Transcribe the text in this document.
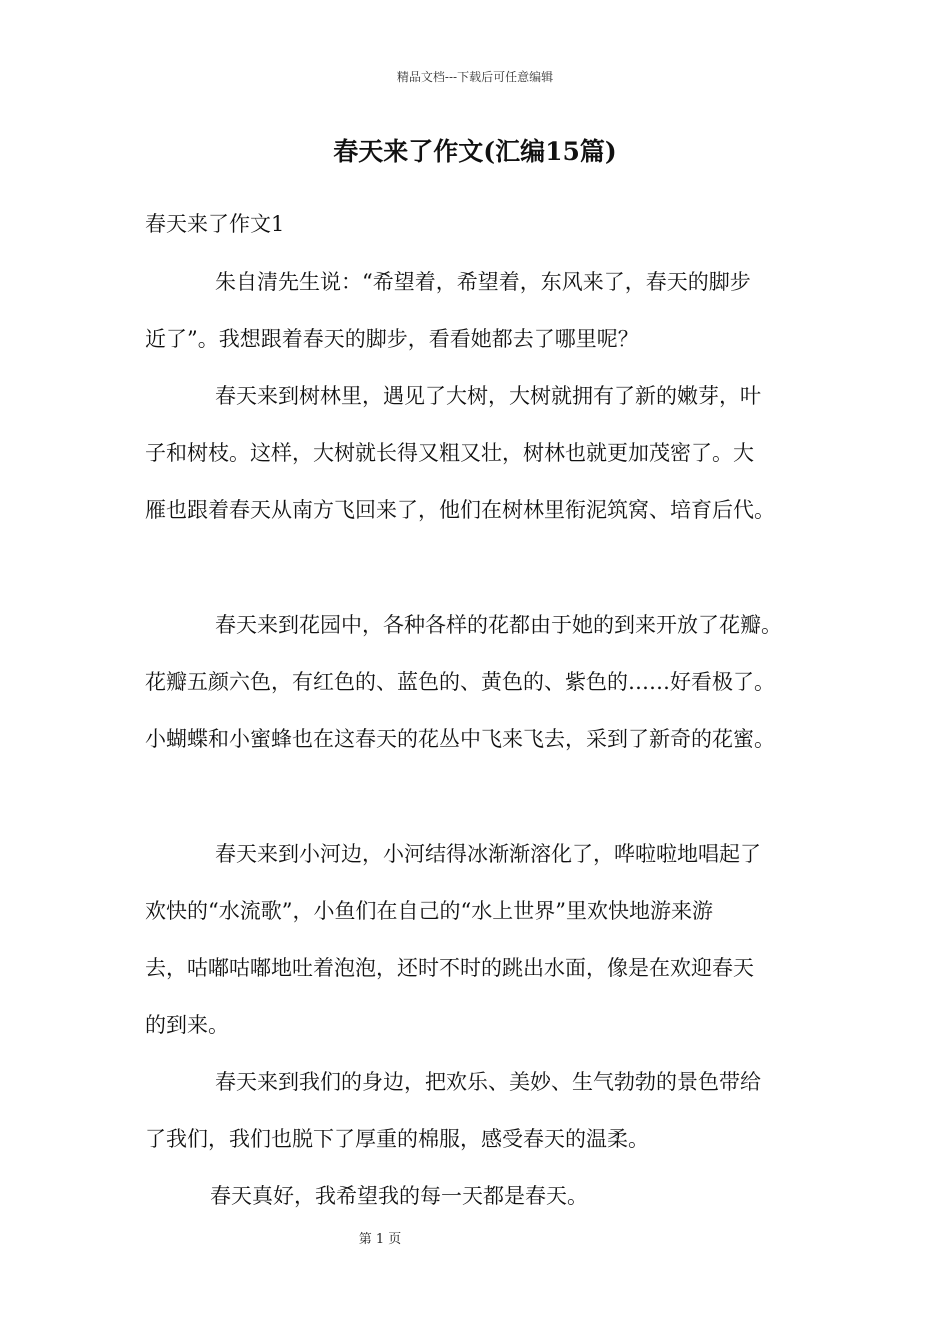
精品文档---下载后可任意编辑
春天来了作文(汇编15篇)

春天来了作文1

朱自清先生说：“希望着，希望着，东风来了，春天的脚步

近了”。我想跟着春天的脚步，看看她都去了哪里呢？

春天来到树林里，遇见了大树，大树就拥有了新的嫩芽，叶

子和树枝。这样，大树就长得又粗又壮，树林也就更加茂密了。大

雁也跟着春天从南方飞回来了，他们在树林里衔泥筑窝、培育后代。

春天来到花园中，各种各样的花都由于她的到来开放了花瓣。

花瓣五颜六色，有红色的、蓝色的、黄色的、紫色的……好看极了。

小蝴蝶和小蜜蜂也在这春天的花丛中飞来飞去，采到了新奇的花蜜。

春天来到小河边，小河结得冰渐渐溶化了，哗啦啦地唱起了

欢快的“水流歌”，小鱼们在自己的“水上世界”里欢快地游来游

去，咕嘟咕嘟地吐着泡泡，还时不时的跳出水面，像是在欢迎春天

的到来。

春天来到我们的身边，把欢乐、美妙、生气勃勃的景色带给

了我们，我们也脱下了厚重的棉服，感受春天的温柔。

春天真好，我希望我的每一天都是春天。

第 1 页
